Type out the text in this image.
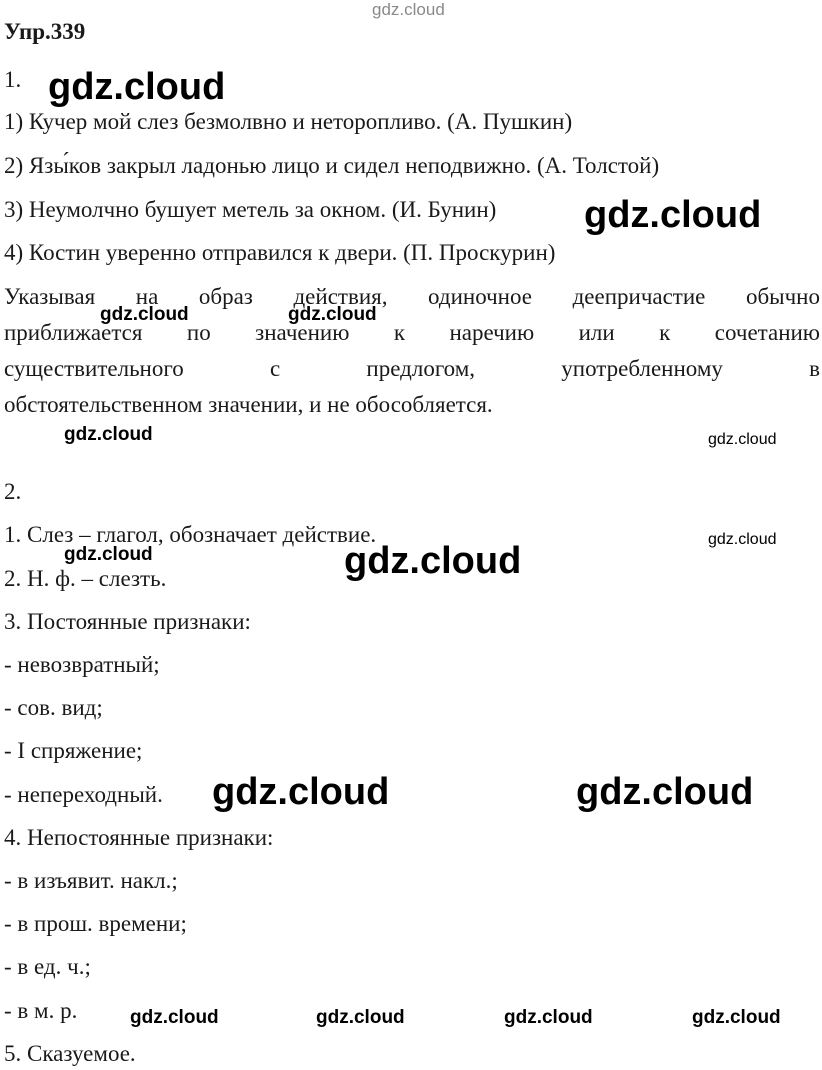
gdz.cloud
Упр.339
1. gdz.cloud
1) Кучер мой слез безмолвно и неторопливо. (А. Пушкин)
2) Язы́ков закрыл ладонью лицо и сидел неподвижно. (А. Толстой)
3) Неумолчно бушует метель за окном. (И. Бунин) gdz.cloud
4) Костин уверенно отправился к двери. (П. Проскурин)
Указывая на образ действия, одиночное деепричастие обычно
приближается по значению к наречию или к сочетанию
существительного с предлогом, употребленному в
обстоятельственном значении, и не обособляется.
gdz.cloud	gdz.cloud
gdz.cloud	gdz.cloud
2.
1. Слез – глагол, обозначает действие.	gdz.cloud
gdz.cloud	gdz.cloud
2. Н. ф. – слезть.
3. Постоянные признаки:
- невозвратный;
- сов. вид;
- I спряжение;
- непереходный. gdz.cloud	gdz.cloud
4. Непостоянные признаки:
- в изъявит. накл.;
- в прош. времени;
- в ед. ч.;
- в м. р.	gdz.cloud	gdz.cloud	gdz.cloud	gdz.cloud
5. Сказуемое.
